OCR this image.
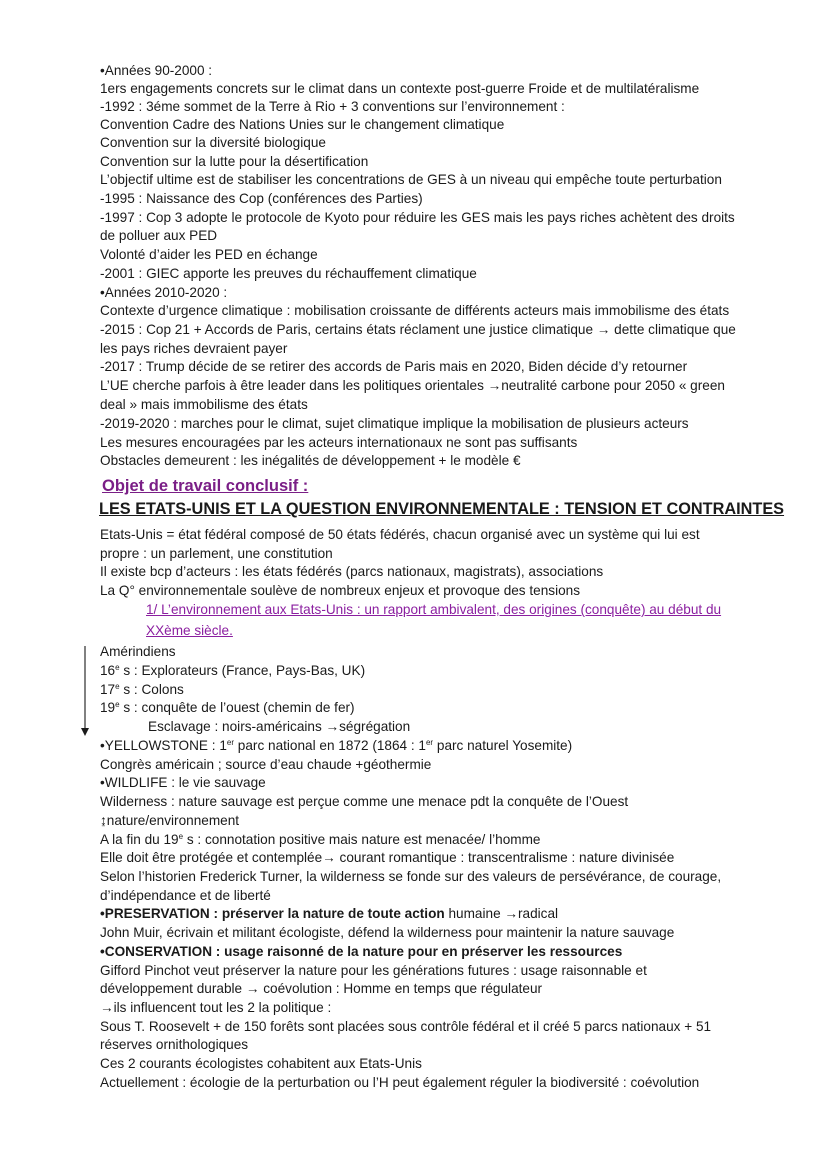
•Années 90-2000 :
1ers engagements concrets sur le climat dans un contexte post-guerre Froide et de multilatéralisme
-1992 : 3éme sommet de la Terre à Rio + 3 conventions sur l’environnement :
Convention Cadre des Nations Unies sur le changement climatique
Convention sur la diversité biologique
Convention sur la lutte pour la désertification
L’objectif ultime est de stabiliser les concentrations de GES à un niveau qui empêche toute perturbation
-1995 : Naissance des Cop (conférences des Parties)
-1997 : Cop 3 adopte le protocole de Kyoto pour réduire les GES mais les pays riches achètent des droits
de polluer aux PED
Volonté d’aider les PED en échange
-2001 : GIEC apporte les preuves du réchauffement climatique
•Années 2010-2020 :
Contexte d’urgence climatique : mobilisation croissante de différents acteurs mais immobilisme des états
-2015 : Cop 21 + Accords de Paris, certains états réclament une justice climatique → dette climatique que
les pays riches devraient payer
-2017 : Trump décide de se retirer des accords de Paris mais en 2020, Biden décide d’y retourner
L’UE cherche parfois à être leader dans les politiques orientales →neutralité carbone pour 2050 « green
deal » mais immobilisme des états
-2019-2020 : marches pour le climat, sujet climatique implique la mobilisation de plusieurs acteurs
Les mesures encouragées par les acteurs internationaux ne sont pas suffisants
Obstacles demeurent : les inégalités de développement + le modèle €
Objet de travail conclusif :
LES ETATS-UNIS ET LA QUESTION ENVIRONNEMENTALE : TENSION ET CONTRAINTES
Etats-Unis = état fédéral composé de 50 états fédérés, chacun organisé avec un système qui lui est
propre : un parlement, une constitution
Il existe bcp d’acteurs : les états fédérés (parcs nationaux, magistrats), associations
La Q° environnementale soulève de nombreux enjeux et provoque des tensions
1/ L’environnement aux Etats-Unis : un rapport ambivalent, des origines (conquête) au début du
XXème siècle.
Amérindiens
16e s : Explorateurs (France, Pays-Bas, UK)
17e s : Colons
19e s : conquête de l’ouest (chemin de fer)
Esclavage : noirs-américains →ségrégation
•YELLOWSTONE : 1er parc national en 1872 (1864 : 1er parc naturel Yosemite)
Congrès américain ; source d’eau chaude +géothermie
•WILDLIFE : le vie sauvage
Wilderness : nature sauvage est perçue comme une menace pdt la conquête de l’Ouest
↨nature/environnement
A la fin du 19e s : connotation positive mais nature est menacée/ l’homme
Elle doit être protégée et contemplée→ courant romantique : transcentralisme : nature divinisée
Selon l’historien Frederick Turner, la wilderness se fonde sur des valeurs de persévérance, de courage,
d’indépendance et de liberté
•PRESERVATION : préserver la nature de toute action humaine →radical
John Muir, écrivain et militant écologiste, défend la wilderness pour maintenir la nature sauvage
•CONSERVATION : usage raisonné de la nature pour en préserver les ressources
Gifford Pinchot veut préserver la nature pour les générations futures : usage raisonnable et
développement durable → coévolution : Homme en temps que régulateur
→ils influencent tout les 2 la politique :
Sous T. Roosevelt + de 150 forêts sont placées sous contrôle fédéral et il créé 5 parcs nationaux + 51
réserves ornithologiques
Ces 2 courants écologistes cohabitent aux Etats-Unis
Actuellement : écologie de la perturbation ou l’H peut également réguler la biodiversité : coévolution
